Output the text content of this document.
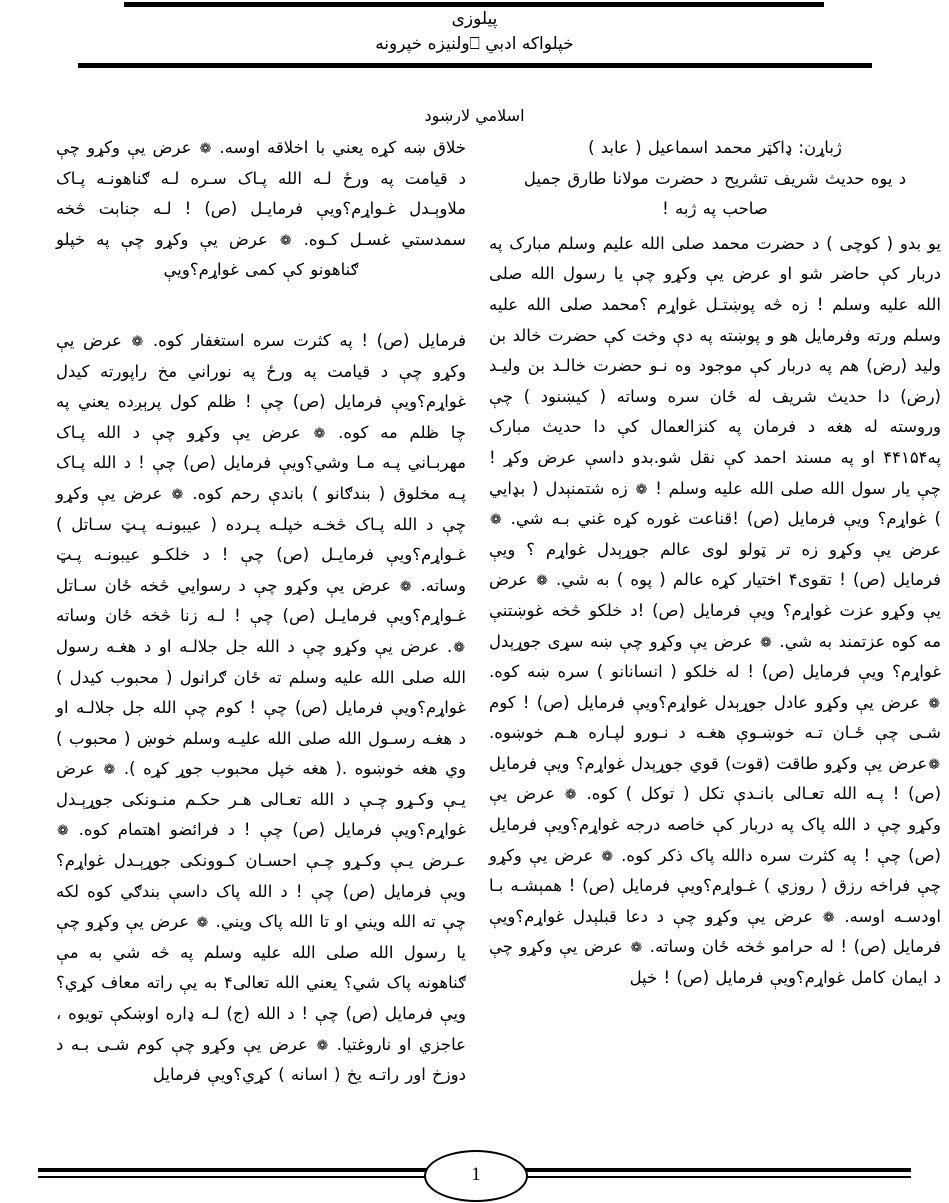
پیلوزی
خپلواکه ادبي ⎕ولنیزه خپرونه
اسلامي لارښود
ژباړن: ډاکټر محمد اسماعیل ( عابد )
د یوه حدیث شریف تشریح د حضرت مولانا طارق جمیل
صاحب په ژبه !

یو بدو ( کوچی ) د حضرت محمد صلی الله علیم وسلم مبارک په دربار کې حاضر شو او عرض یې وکړو چې یا رسول الله صلی الله علیه وسلم ! زه څه پوښتـل غواړم ؟محمد صلی الله علیه وسلم ورته وفرمایل هو و پوښته په دې وخت کې حضرت خالد بن ولید (رض) هم په دربار کې موجود وه نـو حضرت خالـد بن ولیـد (رض) دا حدیث شریف له ځان سره وساته ( کیښنود ) چې وروسته له هغه د فرمان په کنزالعمال کې دا حدیث مبارک په۴۴۱۵۴ او په مسند احمد کې نقل شو.بدو داسې عرض وکړ ! چې یار سول الله صلی الله علیه وسلم ! ❁ زه شتمنېدل ( بډایي ) غواړم؟ ویې فرمایل (ص) !قناعت غوره کړه غني بـه شي. ❁ عرض یې وکړو زه تر ټولو لوی عالم جوړېدل غواړم ؟ ویې فرمایل (ص) ! تقوی۴ اختیار کړه عالم ( پوه ) به شي. ❁ عرض یې وکړو عزت غواړم؟ ویې فرمایل (ص) !د خلکو څخه غوښتنې مه کوه عزتمند به شي. ❁ عرض یې وکړو چې ښه سړی جوړېدل غواړم؟ ویې فرمایل (ص) ! له خلکو ( انسانانو ) سره ښه کوه. ❁ عرض یې وکړو عادل جوړېدل غواړم؟ویې فرمایل (ص) ! کوم شـی چې ځـان تـه خوښـوې هغـه د نـورو لپـاره هـم خوښوه. ❁عرض یې وکړو طاقت (قوت) قوي جوړېدل غواړم؟ ویې فرمایل (ص) ! پـه الله تعـالی بانـدې تکل ( توکل ) کوه. ❁ عرض یې وکړو چې د الله پاک په دربار کې خاصه درجه غواړم؟ویې فرمایل (ص) چې ! په کثرت سره دالله پاک ذکر کوه. ❁ عرض یې وکړو چې فراخه رزق ( روزي ) غـواړم؟ویې فرمایل (ص) ! همېشـه بـا اودسـه اوسه. ❁ عرض یې وکړو چې د دعا قبلېدل غواړم؟ویې فرمایل (ص) ! له حرامو څخه ځان وساته. ❁ عرض یې وکړو چې د ایمان کامل غواړم؟ویې فرمایل (ص) ! خپل

خلاق ښه کړه یعني با اخلاقه اوسه. ❁ عرض یې وکړو چې د قیامت په ورځ لـه الله پـاک سـره لـه ګناهونـه پـاک ملاوېـدل غـواړم؟ویې فرمایـل (ص) ! لـه جنابت څخه سمدستي غسـل کـوه. ❁ عرض یې وکړو چې په خپلو ګناهونو کې کمی غواړم؟ویې

فرمایل (ص) ! په کثرت سره استغفار کوه. ❁ عرض یې وکړو چې د قیامت په ورځ په نوراني مخ راپورته کیدل غواړم؟ویې فرمایل (ص) چې ! ظلم کول پرېږده یعني په چا ظلم مه کوه. ❁ عرض یې وکړو چې د الله پـاک مهربـاني پـه مـا وشي؟ویې فرمایل (ص) چې ! د الله پـاک پـه مخلوق ( بندګانو ) باندې رحم کوه. ❁ عرض یې وکړو چې د الله پـاک څخـه خپلـه پـرده ( عیبونـه پـټ سـاتل ) غـواړم؟ویې فرمایـل (ص) چې ! د خلکـو عیبونـه پـټ وساته. ❁ عرض یې وکړو چې د رسوایي څخه ځان سـاتل غـواړم؟ویې فرمایـل (ص) چې ! لـه زنا څخه ځان وساته ❁. عرض یې وکړو چې د الله جل جلالـه او د هغـه رسول الله صلی الله علیه وسلم ته ځان ګرانول ( محبوب کیدل ) غواړم؟ویې فرمایل (ص) چې ! کوم چې الله جل جلالـه او د هغـه رسـول الله صلی الله علیـه وسلم خوښ ( محبوب ) وي هغه خوښوه .( هغه خپل محبوب جوړ کړه ). ❁ عرض یـې وکـړو چـې د الله تعـالی هـر حکـم منـونکی جوړېـدل غواړم؟ویې فرمایل (ص) چې ! د فرائضو اهتمام کوه. ❁ عـرض یـې وکـړو چـې احسـان کـوونکی جوړېـدل غواړم؟ویې فرمایل (ص) چې ! د الله پاک داسې بندګي کوه لکه چې ته الله ویني او تا الله پاک ویني. ❁ عرض یې وکړو چې یا رسول الله صلی الله علیه وسلم په څه شي به مې ګناهونه پاک شي؟ یعني الله تعالی۴ به یې راته معاف کړي؟ویې فرمایل (ص) چې ! د الله (ج) لـه ډاره اوښکې تویوه ، عاجزي او ناروغتیا. ❁ عرض یې وکړو چې کوم شـی بـه د دوزخ اور راتـه یخ ( اسانه ) کړي؟ویې فرمایل

1
